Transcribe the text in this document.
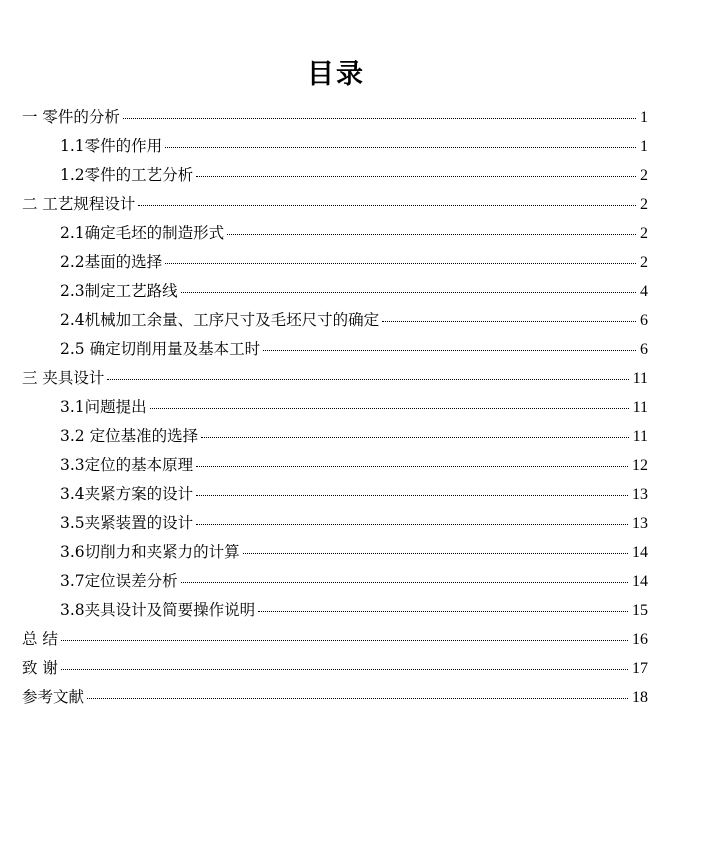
目录
一 零件的分析	1
1.1零件的作用	1
1.2零件的工艺分析	2
二 工艺规程设计	2
2.1确定毛坯的制造形式	2
2.2基面的选择	2
2.3制定工艺路线	4
2.4机械加工余量、工序尺寸及毛坯尺寸的确定	6
2.5 确定切削用量及基本工时	6
三 夹具设计	11
3.1问题提出	11
3.2 定位基准的选择	11
3.3定位的基本原理	12
3.4夹紧方案的设计	13
3.5夹紧装置的设计	13
3.6切削力和夹紧力的计算	14
3.7定位误差分析	14
3.8夹具设计及简要操作说明	15
总 结	16
致 谢	17
参考文献	18
